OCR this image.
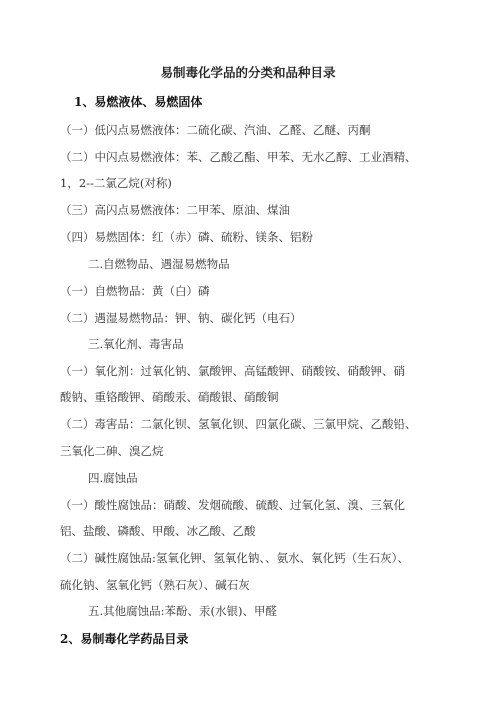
易制毒化学品的分类和品种目录
1、易燃液体、易燃固体
（一）低闪点易燃液体：二硫化碳、汽油、乙醛、乙醚、丙酮
（二）中闪点易燃液体：苯、乙酸乙酯、甲苯、无水乙醇、工业酒精、
1，2--二氯乙烷(对称)
（三）高闪点易燃液体：二甲苯、原油、煤油
（四）易燃固体：红（赤）磷、硫粉、镁条、铝粉
二.自燃物品、遇湿易燃物品
（一）自燃物品：黄（白）磷
（二）遇湿易燃物品：钾、钠、碳化钙（电石）
三.氧化剂、毒害品
（一）氧化剂：过氧化钠、氯酸钾、高锰酸钾、硝酸铵、硝酸钾、硝
酸钠、重铬酸钾、硝酸汞、硝酸银、硝酸铜
（二）毒害品：二氯化钡、氢氧化钡、四氯化碳、三氯甲烷、乙酸铅、
三氧化二砷、溴乙烷
四.腐蚀品
（一）酸性腐蚀品：硝酸、发烟硫酸、硫酸、过氧化氢、溴、三氧化
铝、盐酸、磷酸、甲酸、冰乙酸、乙酸
（二）碱性腐蚀品:氢氧化钾、氢氧化钠、、氨水、氧化钙（生石灰）、
硫化钠、氢氧化钙（熟石灰）、碱石灰
五.其他腐蚀品:苯酚、汞(水银)、甲醛
2、易制毒化学药品目录
